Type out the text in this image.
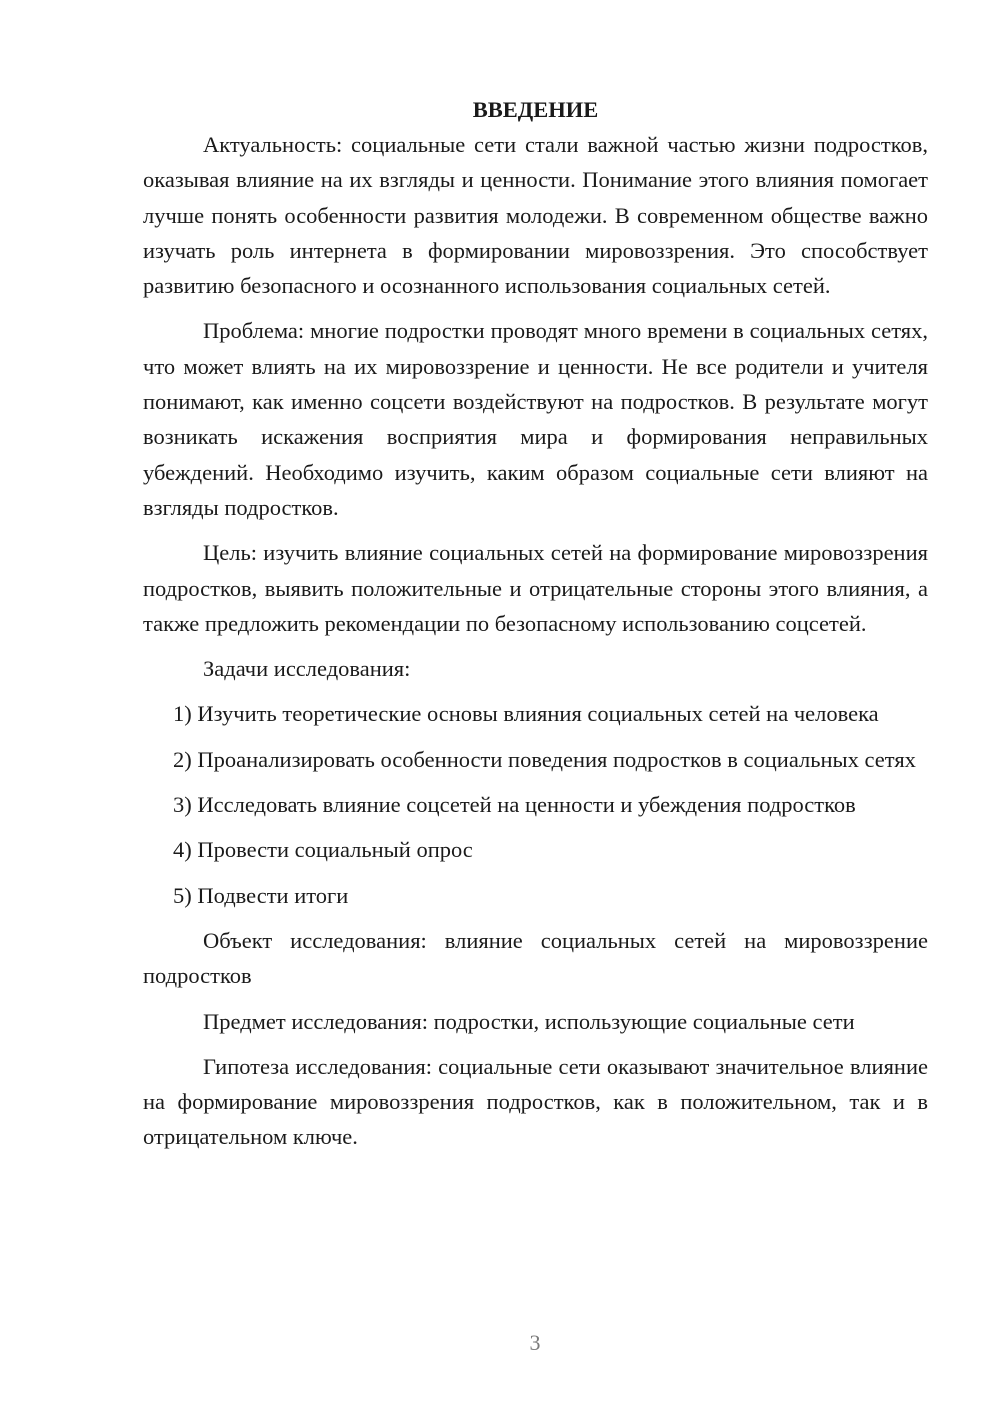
ВВЕДЕНИЕ

Актуальность: социальные сети стали важной частью жизни подростков, оказывая влияние на их взгляды и ценности. Понимание этого влияния помогает лучше понять особенности развития молодежи. В современном обществе важно изучать роль интернета в формировании мировоззрения. Это способствует развитию безопасного и осознанного использования социальных сетей.

Проблема: многие подростки проводят много времени в социальных сетях, что может влиять на их мировоззрение и ценности. Не все родители и учителя понимают, как именно соцсети воздействуют на подростков. В результате могут возникать искажения восприятия мира и формирования неправильных убеждений. Необходимо изучить, каким образом социальные сети влияют на взгляды подростков.

Цель: изучить влияние социальных сетей на формирование мировоззрения подростков, выявить положительные и отрицательные стороны этого влияния, а также предложить рекомендации по безопасному использованию соцсетей.

Задачи исследования:

1) Изучить теоретические основы влияния социальных сетей на человека

2) Проанализировать особенности поведения подростков в социальных сетях

3) Исследовать влияние соцсетей на ценности и убеждения подростков

4) Провести социальный опрос

5) Подвести итоги

Объект исследования: влияние социальных сетей на мировоззрение подростков

Предмет исследования: подростки, использующие социальные сети

Гипотеза исследования: социальные сети оказывают значительное влияние на формирование мировоззрения подростков, как в положительном, так и в отрицательном ключе.

3
